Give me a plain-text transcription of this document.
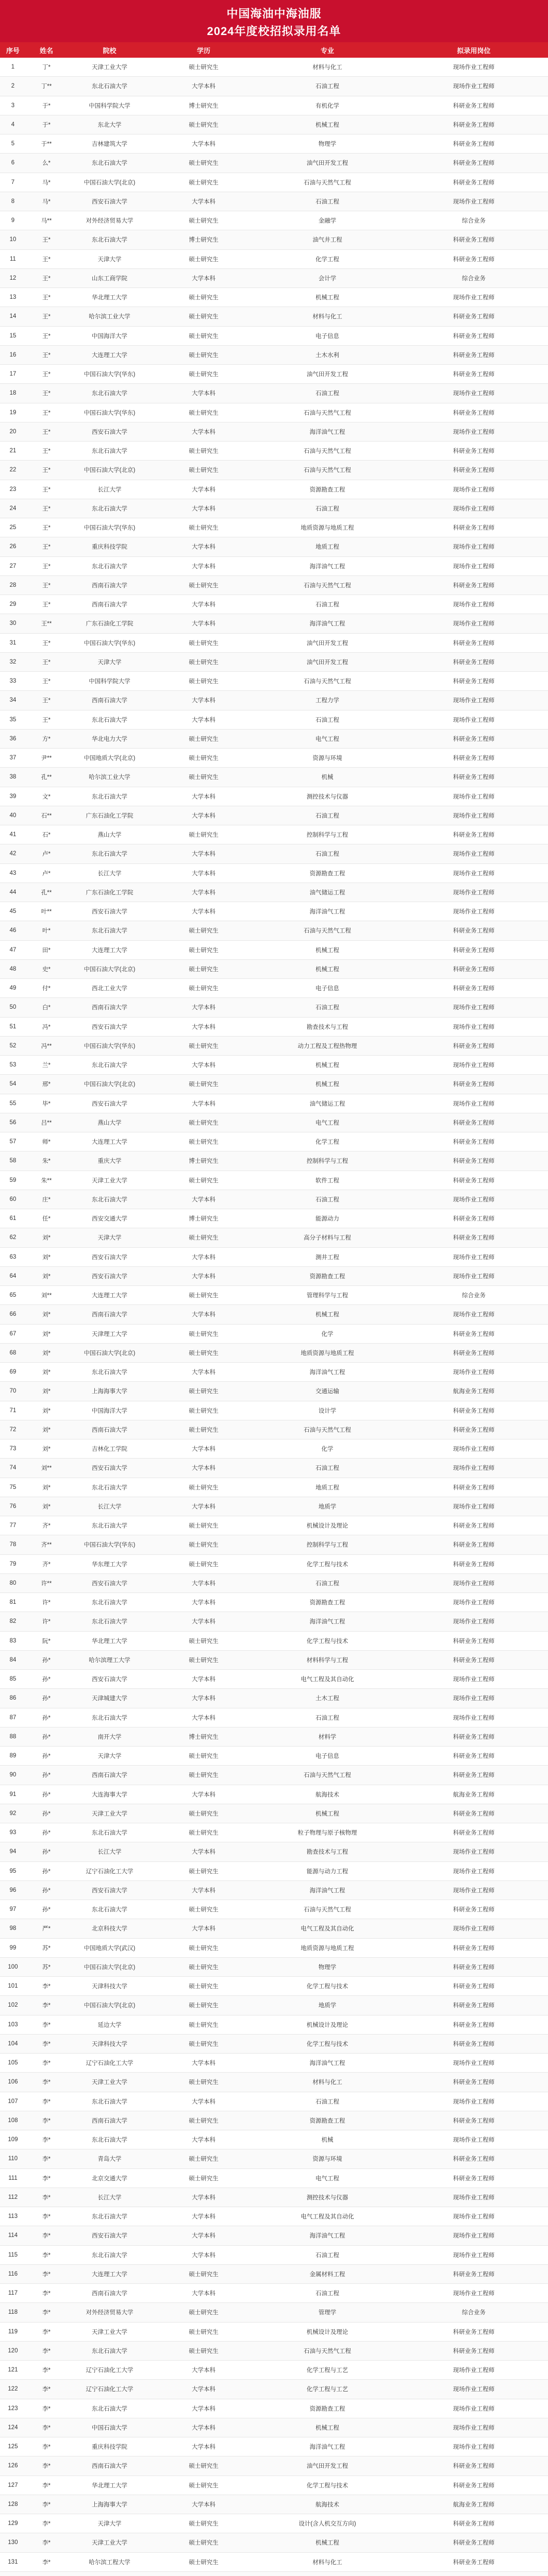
中国海油中海油服
2024年度校招拟录用名单
序号	姓名	院校	学历	专业	拟录用岗位
1	丁*	天津工业大学	硕士研究生	材料与化工	现场作业工程师
2	丁**	东北石油大学	大学本科	石油工程	现场作业工程师
3	于*	中国科学院大学	博士研究生	有机化学	科研业务工程师
4	于*	东北大学	硕士研究生	机械工程	科研业务工程师
5	于**	吉林建筑大学	大学本科	物理学	科研业务工程师
6	么*	东北石油大学	硕士研究生	油气田开发工程	科研业务工程师
7	马*	中国石油大学(北京)	硕士研究生	石油与天然气工程	科研业务工程师
8	马*	西安石油大学	大学本科	石油工程	现场作业工程师
9	马**	对外经济贸易大学	硕士研究生	金融学	综合业务
10	王*	东北石油大学	博士研究生	油气井工程	科研业务工程师
11	王*	天津大学	硕士研究生	化学工程	科研业务工程师
12	王*	山东工商学院	大学本科	会计学	综合业务
13	王*	华北理工大学	硕士研究生	机械工程	现场作业工程师
14	王*	哈尔滨工业大学	硕士研究生	材料与化工	科研业务工程师
15	王*	中国海洋大学	硕士研究生	电子信息	科研业务工程师
16	王*	大连理工大学	硕士研究生	土木水利	科研业务工程师
17	王*	中国石油大学(华东)	硕士研究生	油气田开发工程	科研业务工程师
18	王*	东北石油大学	大学本科	石油工程	现场作业工程师
19	王*	中国石油大学(华东)	硕士研究生	石油与天然气工程	科研业务工程师
20	王*	西安石油大学	大学本科	海洋油气工程	现场作业工程师
21	王*	东北石油大学	硕士研究生	石油与天然气工程	科研业务工程师
22	王*	中国石油大学(北京)	硕士研究生	石油与天然气工程	科研业务工程师
23	王*	长江大学	大学本科	资源勘查工程	现场作业工程师
24	王*	东北石油大学	大学本科	石油工程	现场作业工程师
25	王*	中国石油大学(华东)	硕士研究生	地质资源与地质工程	科研业务工程师
26	王*	重庆科技学院	大学本科	地质工程	现场作业工程师
27	王*	东北石油大学	大学本科	海洋油气工程	现场作业工程师
28	王*	西南石油大学	硕士研究生	石油与天然气工程	科研业务工程师
29	王*	西南石油大学	大学本科	石油工程	现场作业工程师
30	王**	广东石油化工学院	大学本科	海洋油气工程	现场作业工程师
31	王*	中国石油大学(华东)	硕士研究生	油气田开发工程	科研业务工程师
32	王*	天津大学	硕士研究生	油气田开发工程	科研业务工程师
33	王*	中国科学院大学	硕士研究生	石油与天然气工程	科研业务工程师
34	王*	西南石油大学	大学本科	工程力学	现场作业工程师
35	王*	东北石油大学	大学本科	石油工程	现场作业工程师
36	方*	华北电力大学	硕士研究生	电气工程	科研业务工程师
37	尹**	中国地质大学(北京)	硕士研究生	资源与环境	科研业务工程师
38	孔**	哈尔滨工业大学	硕士研究生	机械	科研业务工程师
39	文*	东北石油大学	大学本科	测控技术与仪器	现场作业工程师
40	石**	广东石油化工学院	大学本科	石油工程	现场作业工程师
41	石*	燕山大学	硕士研究生	控制科学与工程	科研业务工程师
42	卢*	东北石油大学	大学本科	石油工程	现场作业工程师
43	卢*	长江大学	大学本科	资源勘查工程	现场作业工程师
44	孔**	广东石油化工学院	大学本科	油气储运工程	现场作业工程师
45	叶**	西安石油大学	大学本科	海洋油气工程	现场作业工程师
46	叶*	东北石油大学	硕士研究生	石油与天然气工程	科研业务工程师
47	田*	大连理工大学	硕士研究生	机械工程	科研业务工程师
48	史*	中国石油大学(北京)	硕士研究生	机械工程	科研业务工程师
49	付*	西北工业大学	硕士研究生	电子信息	科研业务工程师
50	白*	西南石油大学	大学本科	石油工程	现场作业工程师
51	冯*	西安石油大学	大学本科	勘查技术与工程	现场作业工程师
52	冯**	中国石油大学(华东)	硕士研究生	动力工程及工程热物理	科研业务工程师
53	兰*	东北石油大学	大学本科	机械工程	现场作业工程师
54	邢*	中国石油大学(北京)	硕士研究生	机械工程	科研业务工程师
55	毕*	西安石油大学	大学本科	油气储运工程	现场作业工程师
56	吕**	燕山大学	硕士研究生	电气工程	科研业务工程师
57	师*	大连理工大学	硕士研究生	化学工程	科研业务工程师
58	朱*	重庆大学	博士研究生	控制科学与工程	科研业务工程师
59	朱**	天津工业大学	硕士研究生	软件工程	科研业务工程师
60	庄*	东北石油大学	大学本科	石油工程	现场作业工程师
61	任*	西安交通大学	博士研究生	能源动力	科研业务工程师
62	刘*	天津大学	硕士研究生	高分子材料与工程	科研业务工程师
63	刘*	西安石油大学	大学本科	测井工程	现场作业工程师
64	刘*	西安石油大学	大学本科	资源勘查工程	现场作业工程师
65	刘**	大连理工大学	硕士研究生	管理科学与工程	综合业务
66	刘*	西南石油大学	大学本科	机械工程	现场作业工程师
67	刘*	天津理工大学	硕士研究生	化学	科研业务工程师
68	刘*	中国石油大学(北京)	硕士研究生	地质资源与地质工程	科研业务工程师
69	刘*	东北石油大学	大学本科	海洋油气工程	现场作业工程师
70	刘*	上海海事大学	硕士研究生	交通运输	航海业务工程师
71	刘*	中国海洋大学	硕士研究生	设计学	科研业务工程师
72	刘*	西南石油大学	硕士研究生	石油与天然气工程	科研业务工程师
73	刘*	吉林化工学院	大学本科	化学	现场作业工程师
74	刘**	西安石油大学	大学本科	石油工程	现场作业工程师
75	刘*	东北石油大学	硕士研究生	地质工程	科研业务工程师
76	刘*	长江大学	大学本科	地质学	现场作业工程师
77	齐*	东北石油大学	硕士研究生	机械设计及理论	科研业务工程师
78	齐**	中国石油大学(华东)	硕士研究生	控制科学与工程	科研业务工程师
79	齐*	华东理工大学	硕士研究生	化学工程与技术	科研业务工程师
80	许**	西安石油大学	大学本科	石油工程	现场作业工程师
81	许*	东北石油大学	大学本科	资源勘查工程	现场作业工程师
82	许*	东北石油大学	大学本科	海洋油气工程	现场作业工程师
83	阮*	华北理工大学	硕士研究生	化学工程与技术	科研业务工程师
84	孙*	哈尔滨理工大学	硕士研究生	材料科学与工程	科研业务工程师
85	孙*	西安石油大学	大学本科	电气工程及其自动化	现场作业工程师
86	孙*	天津城建大学	大学本科	土木工程	现场作业工程师
87	孙*	东北石油大学	大学本科	石油工程	现场作业工程师
88	孙*	南开大学	博士研究生	材料学	科研业务工程师
89	孙*	天津大学	硕士研究生	电子信息	科研业务工程师
90	孙*	西南石油大学	硕士研究生	石油与天然气工程	科研业务工程师
91	孙*	大连海事大学	大学本科	航海技术	航海业务工程师
92	孙*	天津工业大学	硕士研究生	机械工程	科研业务工程师
93	孙*	东北石油大学	硕士研究生	粒子物理与原子核物理	科研业务工程师
94	孙*	长江大学	大学本科	勘查技术与工程	现场作业工程师
95	孙*	辽宁石油化工大学	硕士研究生	能源与动力工程	现场作业工程师
96	孙*	西安石油大学	大学本科	海洋油气工程	现场作业工程师
97	孙*	东北石油大学	硕士研究生	石油与天然气工程	科研业务工程师
98	严*	北京科技大学	大学本科	电气工程及其自动化	现场作业工程师
99	苏*	中国地质大学(武汉)	硕士研究生	地质资源与地质工程	科研业务工程师
100	苏*	中国石油大学(北京)	硕士研究生	物理学	科研业务工程师
101	李*	天津科技大学	硕士研究生	化学工程与技术	科研业务工程师
102	李*	中国石油大学(北京)	硕士研究生	地质学	科研业务工程师
103	李*	延边大学	硕士研究生	机械设计及理论	科研业务工程师
104	李*	天津科技大学	硕士研究生	化学工程与技术	科研业务工程师
105	李*	辽宁石油化工大学	大学本科	海洋油气工程	现场作业工程师
106	李*	天津工业大学	硕士研究生	材料与化工	科研业务工程师
107	李*	东北石油大学	大学本科	石油工程	现场作业工程师
108	李*	西南石油大学	硕士研究生	资源勘查工程	科研业务工程师
109	李*	东北石油大学	大学本科	机械	现场作业工程师
110	李*	青岛大学	硕士研究生	资源与环境	科研业务工程师
111	李*	北京交通大学	硕士研究生	电气工程	科研业务工程师
112	李*	长江大学	大学本科	测控技术与仪器	现场作业工程师
113	李*	东北石油大学	大学本科	电气工程及其自动化	现场作业工程师
114	李*	西安石油大学	大学本科	海洋油气工程	现场作业工程师
115	李*	东北石油大学	大学本科	石油工程	现场作业工程师
116	李*	大连理工大学	硕士研究生	金属材料工程	科研业务工程师
117	李*	西南石油大学	大学本科	石油工程	现场作业工程师
118	李*	对外经济贸易大学	硕士研究生	管理学	综合业务
119	李*	天津工业大学	硕士研究生	机械设计及理论	科研业务工程师
120	李*	东北石油大学	硕士研究生	石油与天然气工程	科研业务工程师
121	李*	辽宁石油化工大学	大学本科	化学工程与工艺	现场作业工程师
122	李*	辽宁石油化工大学	大学本科	化学工程与工艺	现场作业工程师
123	李*	东北石油大学	大学本科	资源勘查工程	现场作业工程师
124	李*	中国石油大学	大学本科	机械工程	现场作业工程师
125	李*	重庆科技学院	大学本科	海洋油气工程	现场作业工程师
126	李*	西南石油大学	硕士研究生	油气田开发工程	科研业务工程师
127	李*	华北理工大学	硕士研究生	化学工程与技术	科研业务工程师
128	李*	上海海事大学	大学本科	航海技术	航海业务工程师
129	李*	天津大学	硕士研究生	设计(含人机交互方向)	科研业务工程师
130	李*	天津工业大学	硕士研究生	机械工程	科研业务工程师
131	李*	哈尔滨工程大学	硕士研究生	材料与化工	科研业务工程师
